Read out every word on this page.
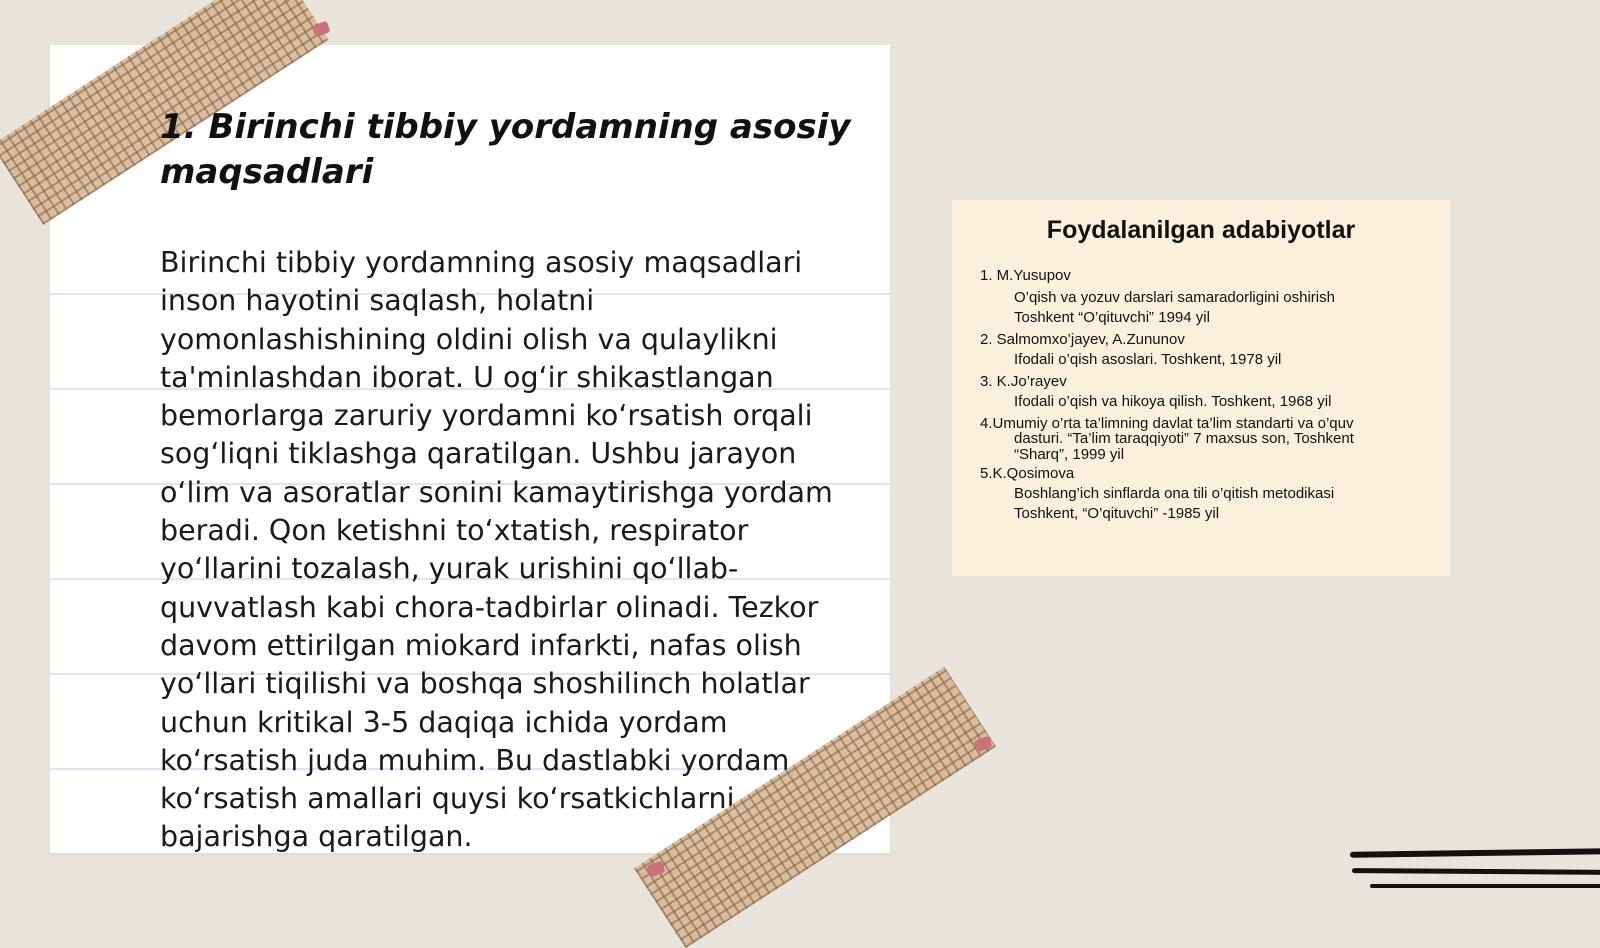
1. Birinchi tibbiy yordamning asosiy maqsadlari

Birinchi tibbiy yordamning asosiy maqsadlari inson hayotini saqlash, holatni yomonlashishining oldini olish va qulaylikni ta'minlashdan iborat. U og‘ir shikastlangan bemorlarga zaruriy yordamni ko‘rsatish orqali sog‘liqni tiklashga qaratilgan. Ushbu jarayon o‘lim va asoratlar sonini kamaytirishga yordam beradi. Qon ketishni to‘xtatish, respirator yo‘llarini tozalash, yurak urishini qo‘llab-quvvatlash kabi chora-tadbirlar olinadi. Tezkor davom ettirilgan miokard infarkti, nafas olish yo‘llari tiqilishi va boshqa shoshilinch holatlar uchun kritikal 3-5 daqiqa ichida yordam ko‘rsatish juda muhim. Bu dastlabki yordam ko‘rsatish amallari quysi ko‘rsatkichlarni bajarishga qaratilgan.

Foydalanilgan adabiyotlar
1. M.Yusupov
O’qish va yozuv darslari samaradorligini oshirish
Toshkent “O’qituvchi” 1994 yil
2. Salmomxo’jayev, A.Zununov
Ifodali o’qish asoslari. Toshkent, 1978 yil
3. K.Jo’rayev
Ifodali o’qish va hikoya qilish. Toshkent, 1968 yil
4.Umumiy o’rta ta’limning davlat ta’lim standarti va o’quv
dasturi. “Ta’lim taraqqiyoti” 7 maxsus son, Toshkent
“Sharq”, 1999 yil
5.K.Qosimova
Boshlang’ich sinflarda ona tili o’qitish metodikasi
Toshkent, “O’qituvchi” -1985 yil
